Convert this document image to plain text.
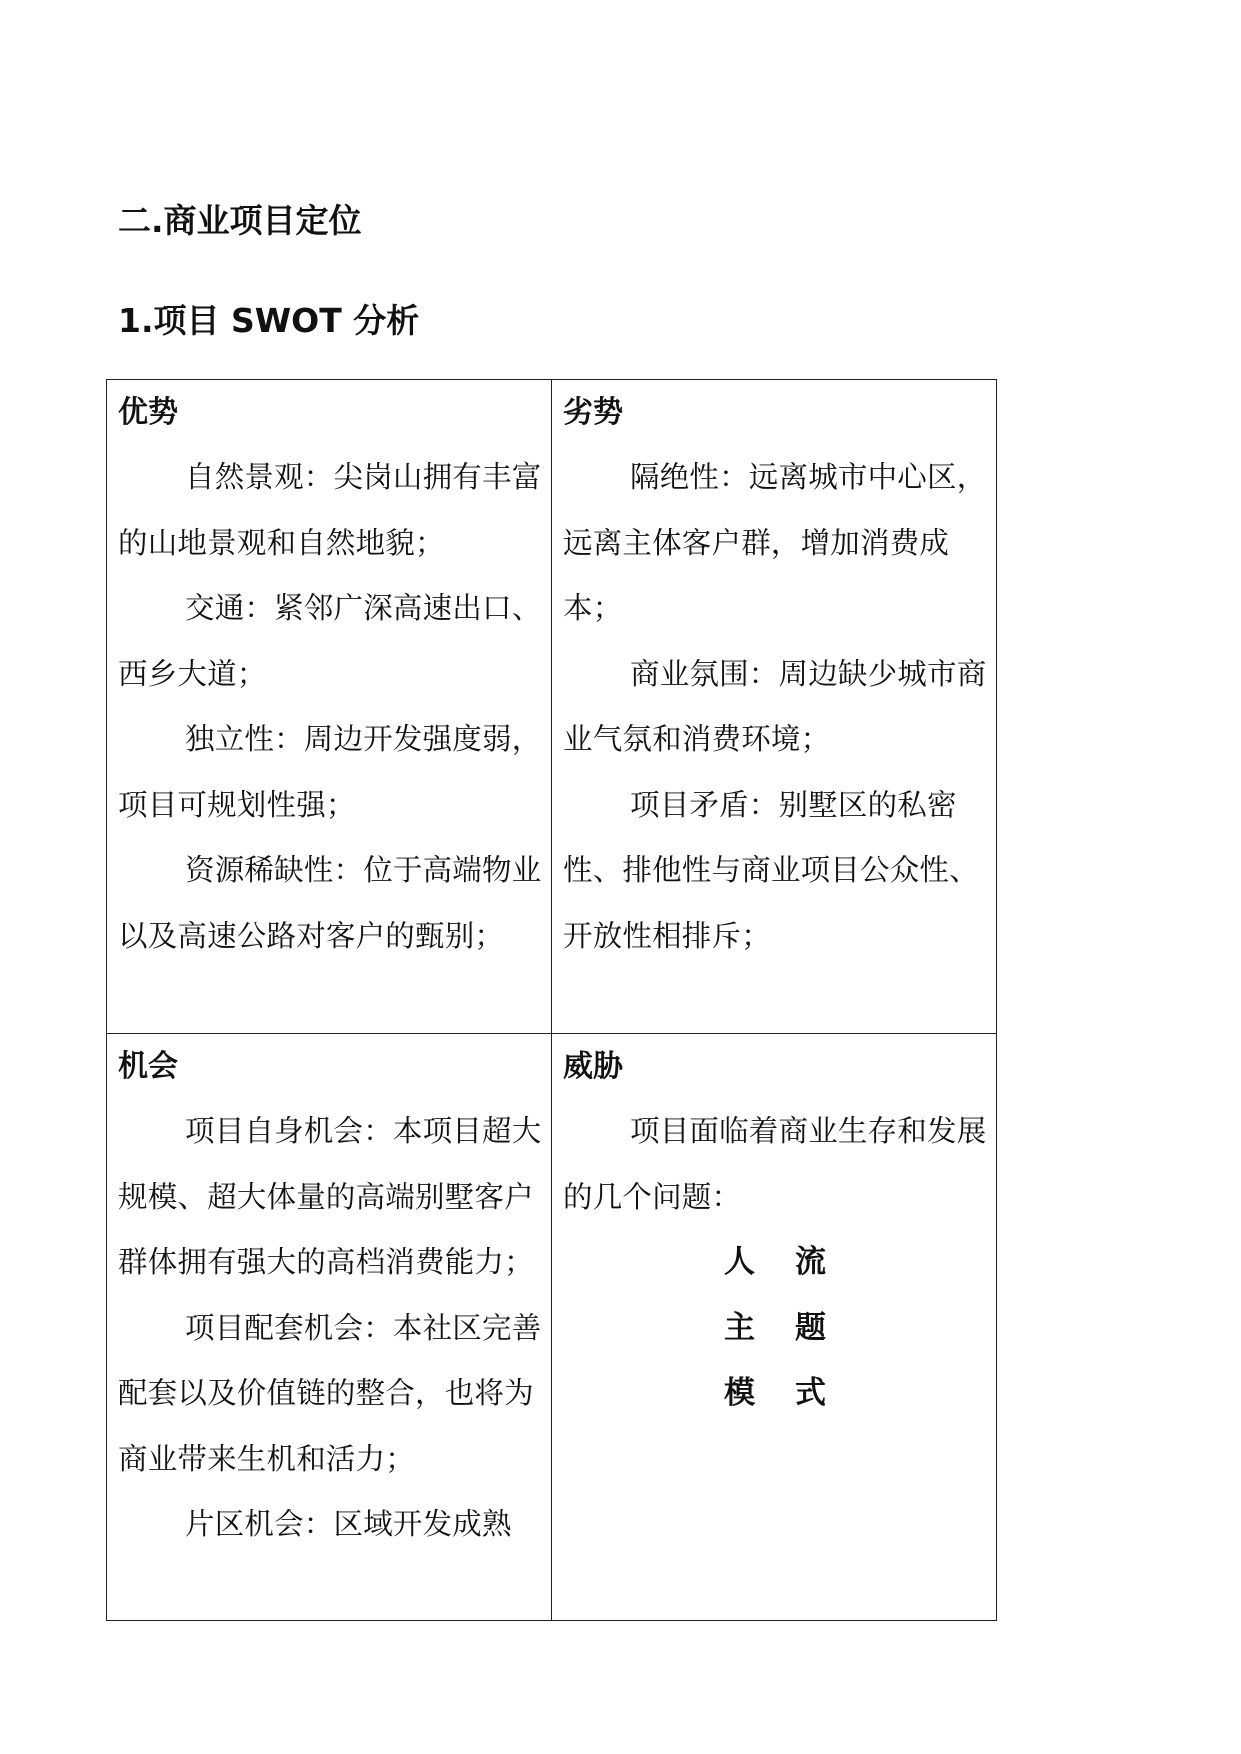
二.商业项目定位
1.项目 SWOT 分析
优势

自然景观：尖岗山拥有丰富的山地景观和自然地貌；

交通：紧邻广深高速出口、西乡大道；

独立性：周边开发强度弱，项目可规划性强；

资源稀缺性：位于高端物业以及高速公路对客户的甄别；

劣势

隔绝性：远离城市中心区，远离主体客户群，增加消费成本；

商业氛围：周边缺少城市商业气氛和消费环境；

项目矛盾：别墅区的私密性、排他性与商业项目公众性、开放性相排斥；

机会

项目自身机会：本项目超大规模、超大体量的高端别墅客户群体拥有强大的高档消费能力；

项目配套机会：本社区完善配套以及价值链的整合，也将为商业带来生机和活力；

片区机会：区域开发成熟

威胁

项目面临着商业生存和发展的几个问题：

人流
主题
模式
